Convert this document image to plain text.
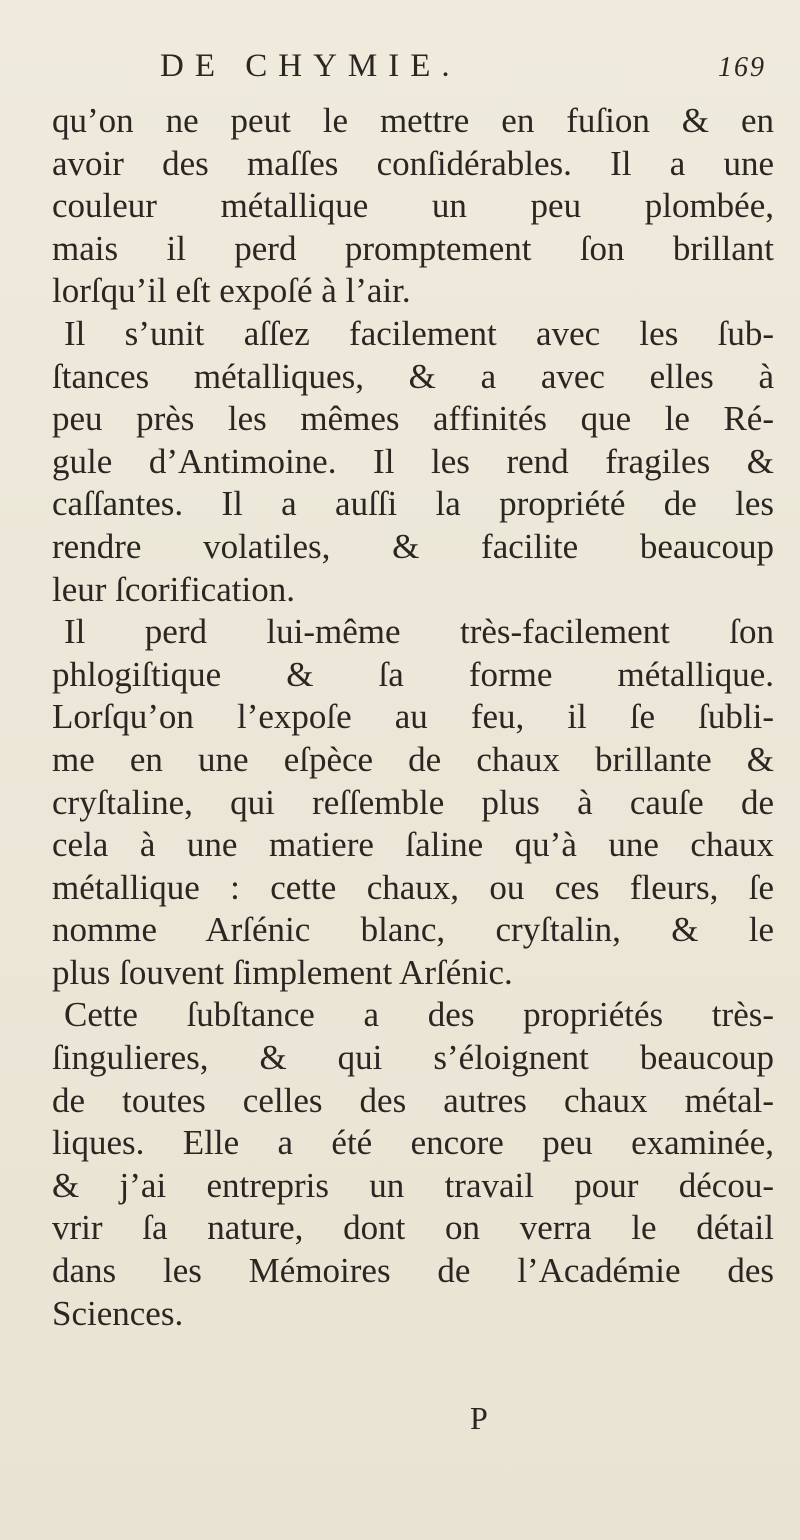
DE CHYMIE.	169
qu’on ne peut le mettre en fuſion & en
avoir des maſſes conſidérables. Il a une
couleur métallique un peu plombée,
mais il perd promptement ſon brillant
lorſqu’il eſt expoſé à l’air.
Il s’unit aſſez facilement avec les ſub-
ſtances métalliques, & a avec elles à
peu près les mêmes affinités que le Ré-
gule d’Antimoine. Il les rend fragiles &
caſſantes. Il a auſſi la propriété de les
rendre volatiles, & facilite beaucoup
leur ſcorification.
Il perd lui-même très-facilement ſon
phlogiſtique & ſa forme métallique.
Lorſqu’on l’expoſe au feu, il ſe ſubli-
me en une eſpèce de chaux brillante &
cryſtaline, qui reſſemble plus à cauſe de
cela à une matiere ſaline qu’à une chaux
métallique : cette chaux, ou ces fleurs, ſe
nomme Arſénic blanc, cryſtalin, & le
plus ſouvent ſimplement Arſénic.
Cette ſubſtance a des propriétés très-
ſingulieres, & qui s’éloignent beaucoup
de toutes celles des autres chaux métal-
liques. Elle a été encore peu examinée,
& j’ai entrepris un travail pour décou-
vrir ſa nature, dont on verra le détail
dans les Mémoires de l’Académie des
Sciences.
P
